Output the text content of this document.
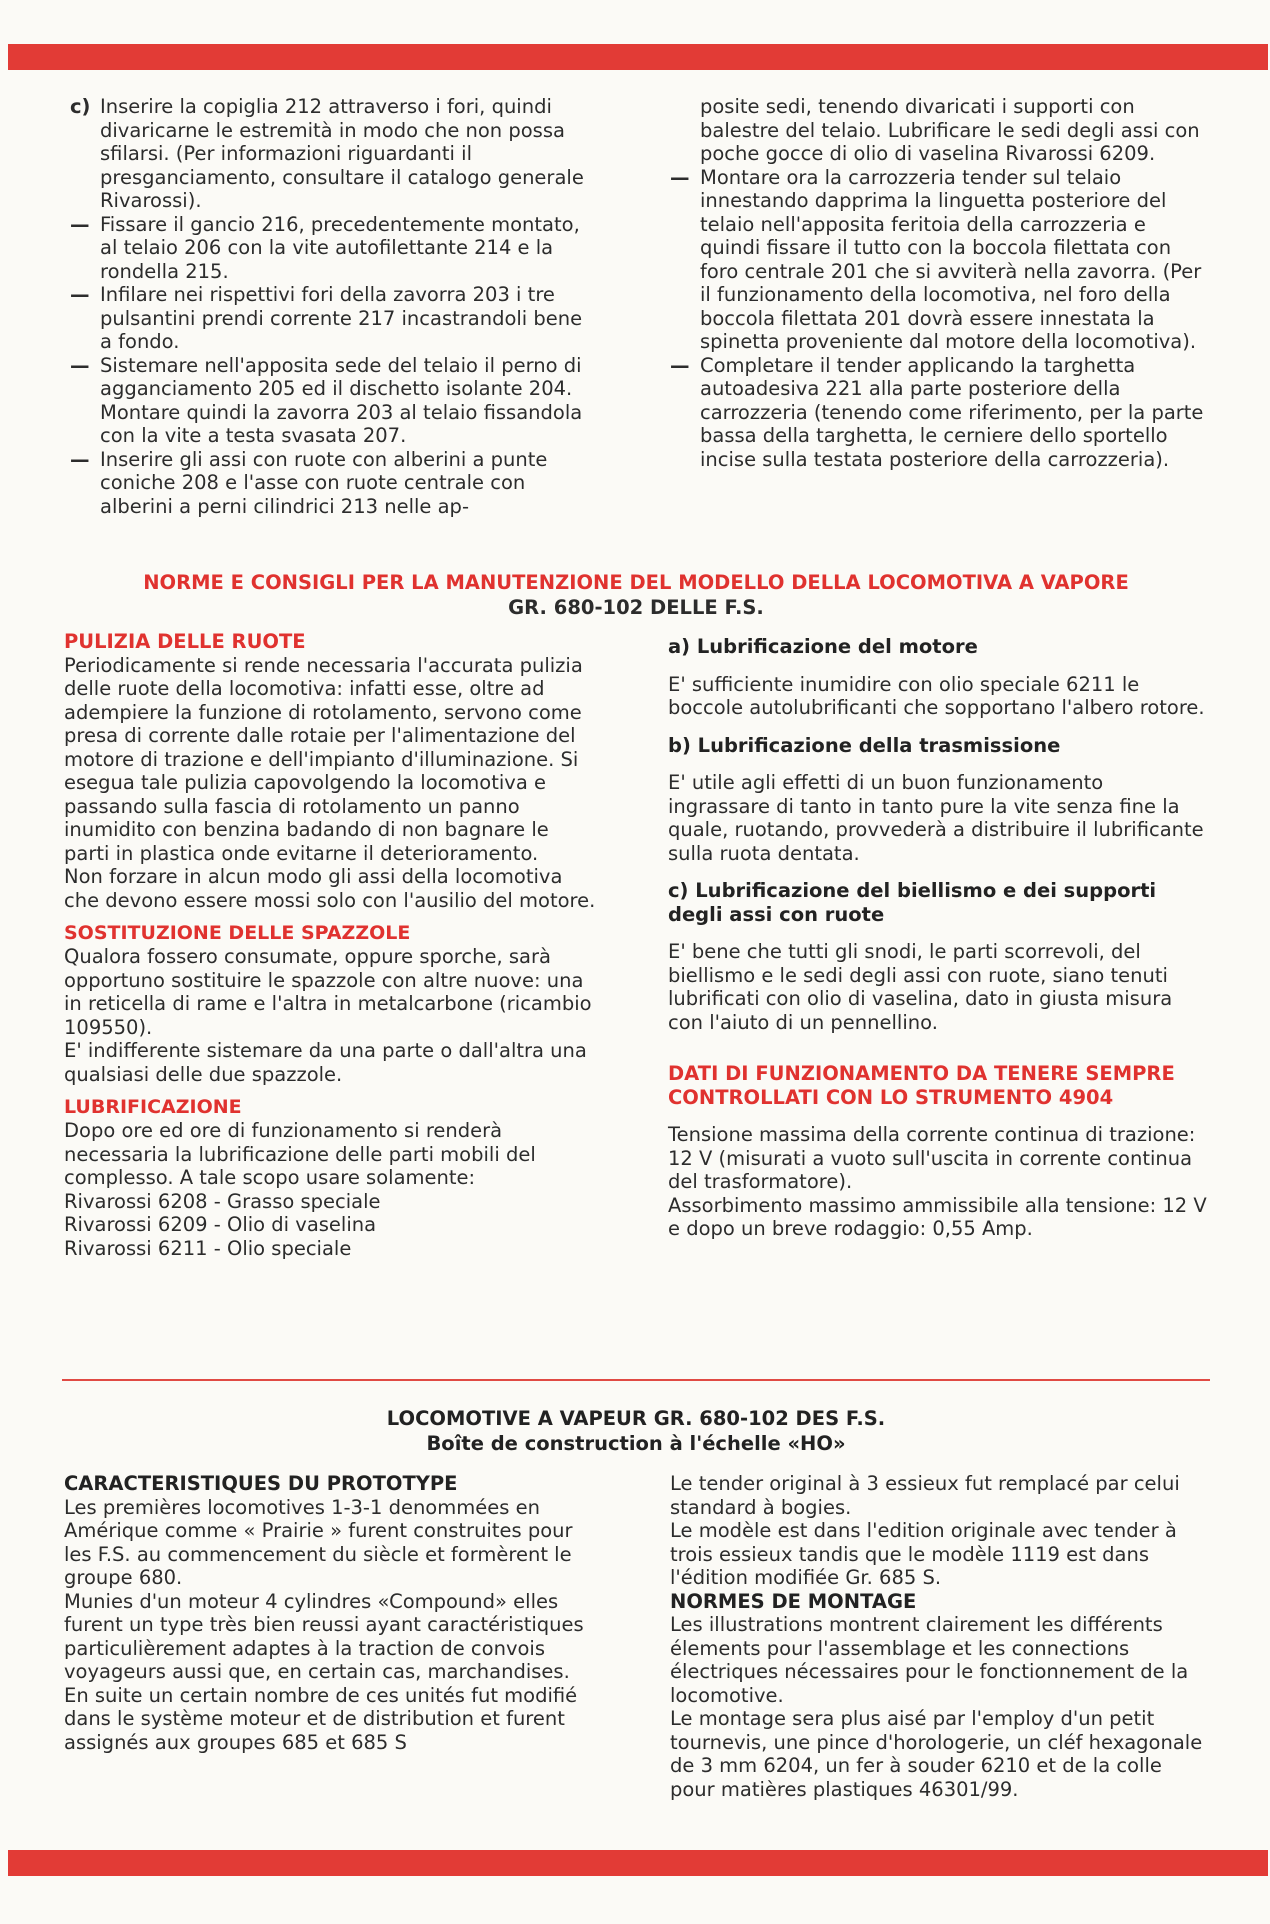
c) Inserire la copiglia 212 attraverso i fori, quindi divaricarne le estremità in modo che non possa sfilarsi. (Per informazioni riguardanti il presganciamento, consultare il catalogo generale Rivarossi).
— Fissare il gancio 216, precedentemente montato, al telaio 206 con la vite autofilettante 214 e la rondella 215.
— Infilare nei rispettivi fori della zavorra 203 i tre pulsantini prendi corrente 217 incastrandoli bene a fondo.
— Sistemare nell'apposita sede del telaio il perno di agganciamento 205 ed il dischetto isolante 204. Montare quindi la zavorra 203 al telaio fissandola con la vite a testa svasata 207.
— Inserire gli assi con ruote con alberini a punte coniche 208 e l'asse con ruote centrale con alberini a perni cilindrici 213 nelle ap-
posite sedi, tenendo divaricati i supporti con balestre del telaio. Lubrificare le sedi degli assi con poche gocce di olio di vaselina Rivarossi 6209.
— Montare ora la carrozzeria tender sul telaio innestando dapprima la linguetta posteriore del telaio nell'apposita feritoia della carrozzeria e quindi fissare il tutto con la boccola filettata con foro centrale 201 che si avviterà nella zavorra. (Per il funzionamento della locomotiva, nel foro della boccola filettata 201 dovrà essere innestata la spinetta proveniente dal motore della locomotiva).
— Completare il tender applicando la targhetta autoadesiva 221 alla parte posteriore della carrozzeria (tenendo come riferimento, per la parte bassa della targhetta, le cerniere dello sportello incise sulla testata posteriore della carrozzeria).
NORME E CONSIGLI PER LA MANUTENZIONE DEL MODELLO DELLA LOCOMOTIVA A VAPORE
GR. 680-102 DELLE F.S.
PULIZIA DELLE RUOTE

Periodicamente si rende necessaria l'accurata pulizia delle ruote della locomotiva: infatti esse, oltre ad adempiere la funzione di rotolamento, servono come presa di corrente dalle rotaie per l'alimentazione del motore di trazione e dell'impianto d'illuminazione. Si esegua tale pulizia capovolgendo la locomotiva e passando sulla fascia di rotolamento un panno inumidito con benzina badando di non bagnare le parti in plastica onde evitarne il deterioramento.

Non forzare in alcun modo gli assi della locomotiva che devono essere mossi solo con l'ausilio del motore.

SOSTITUZIONE DELLE SPAZZOLE

Qualora fossero consumate, oppure sporche, sarà opportuno sostituire le spazzole con altre nuove: una in reticella di rame e l'altra in metalcarbone (ricambio 109550).

E' indifferente sistemare da una parte o dall'altra una qualsiasi delle due spazzole.

LUBRIFICAZIONE

Dopo ore ed ore di funzionamento si renderà necessaria la lubrificazione delle parti mobili del complesso. A tale scopo usare solamente:

Rivarossi 6208 - Grasso speciale
Rivarossi 6209 - Olio di vaselina
Rivarossi 6211 - Olio speciale
a) Lubrificazione del motore

E' sufficiente inumidire con olio speciale 6211 le boccole autolubrificanti che sopportano l'albero rotore.

b) Lubrificazione della trasmissione

E' utile agli effetti di un buon funzionamento ingrassare di tanto in tanto pure la vite senza fine la quale, ruotando, provvederà a distribuire il lubrificante sulla ruota dentata.

c) Lubrificazione del biellismo e dei supporti degli assi con ruote

E' bene che tutti gli snodi, le parti scorrevoli, del biellismo e le sedi degli assi con ruote, siano tenuti lubrificati con olio di vaselina, dato in giusta misura con l'aiuto di un pennellino.

DATI DI FUNZIONAMENTO DA TENERE SEMPRE CONTROLLATI CON LO STRUMENTO 4904

Tensione massima della corrente continua di trazione: 12 V (misurati a vuoto sull'uscita in corrente continua del trasformatore).

Assorbimento massimo ammissibile alla tensione: 12 V e dopo un breve rodaggio: 0,55 Amp.

LOCOMOTIVE A VAPEUR GR. 680-102 DES F.S.
Boîte de construction à l'échelle «HO»
CARACTERISTIQUES DU PROTOTYPE

Les premières locomotives 1-3-1 denommées en Amérique comme « Prairie » furent construites pour les F.S. au commencement du siècle et formèrent le groupe 680.

Munies d'un moteur 4 cylindres «Compound» elles furent un type très bien reussi ayant caractéristiques particulièrement adaptes à la traction de convois voyageurs aussi que, en certain cas, marchandises.

En suite un certain nombre de ces unités fut modifié dans le système moteur et de distribution et furent assignés aux groupes 685 et 685 S

Le tender original à 3 essieux fut remplacé par celui standard à bogies.

Le modèle est dans l'edition originale avec tender à trois essieux tandis que le modèle 1119 est dans l'édition modifiée Gr. 685 S.

NORMES DE MONTAGE

Les illustrations montrent clairement les différents élements pour l'assemblage et les connections électriques nécessaires pour le fonctionnement de la locomotive.

Le montage sera plus aisé par l'employ d'un petit tournevis, une pince d'horologerie, un cléf hexagonale de 3 mm 6204, un fer à souder 6210 et de la colle pour matières plastiques 46301/99.
